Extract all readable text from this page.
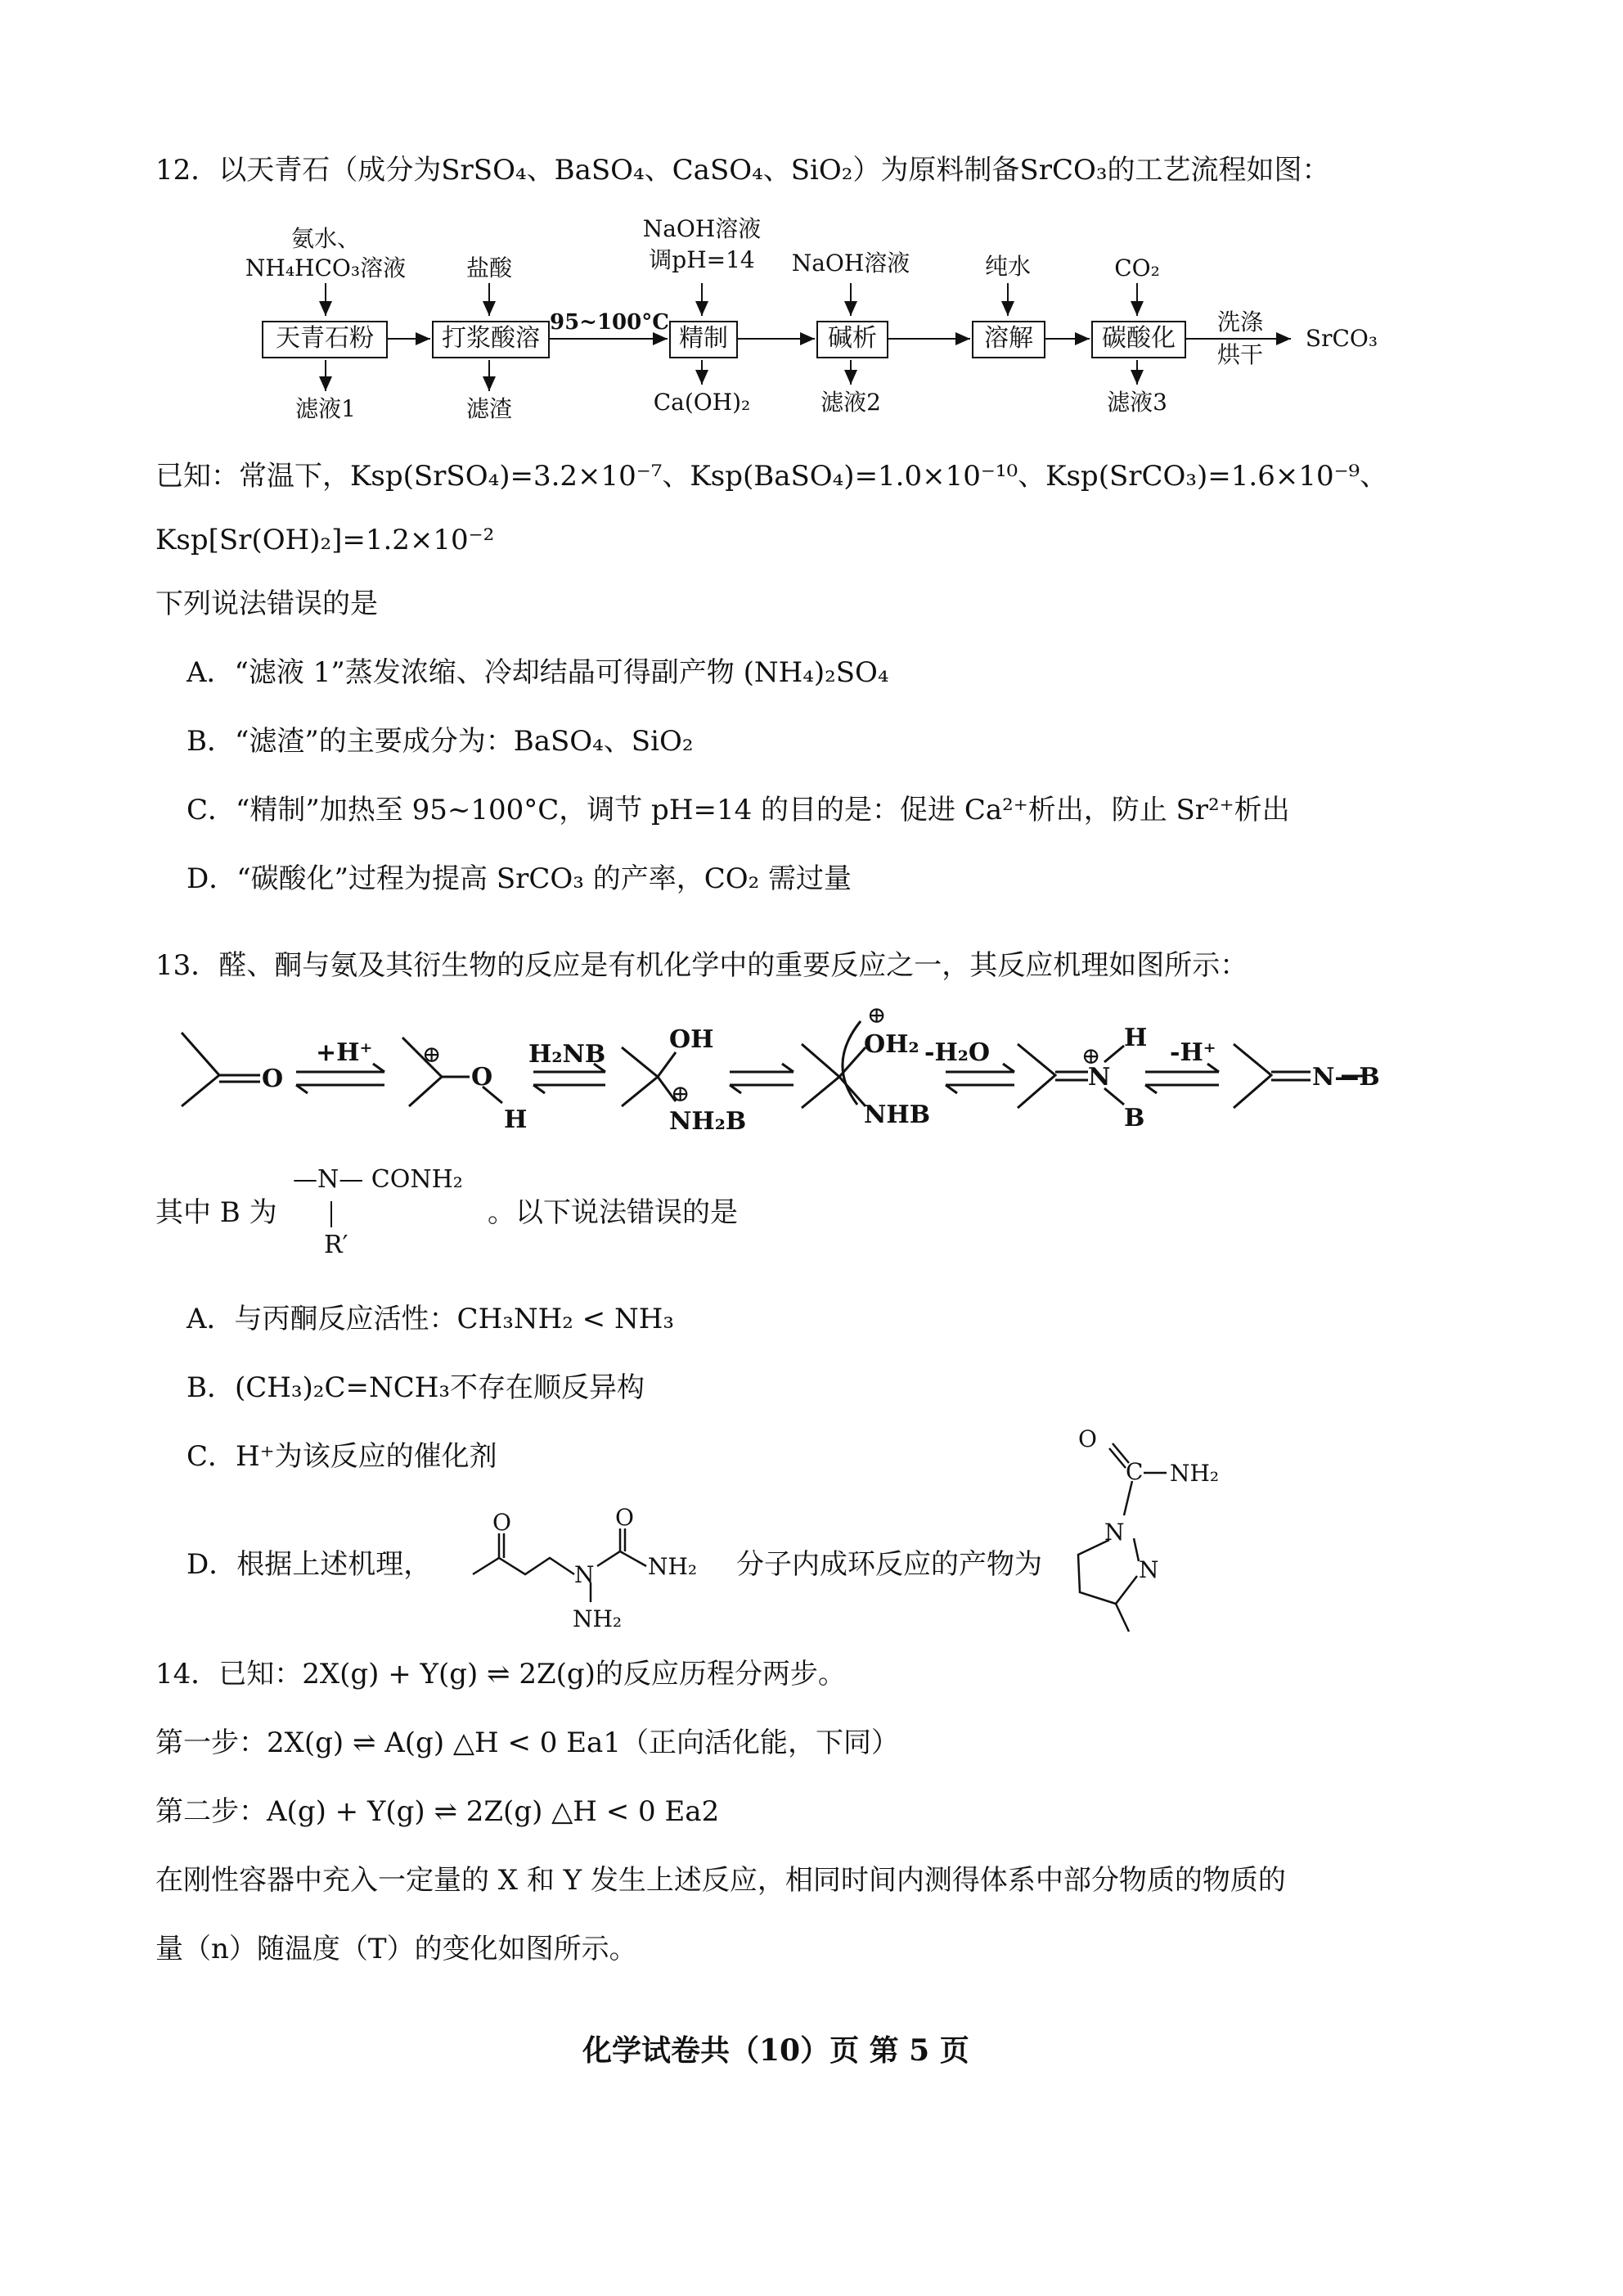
12．以天青石（成分为SrSO₄、BaSO₄、CaSO₄、SiO₂）为原料制备SrCO₃的工艺流程如图：
氨水、
NH₄HCO₃溶液	盐酸
NaOH溶液
调pH=14	NaOH溶液	纯水	CO₂
天青石粉	打浆酸溶	精制	碱析	溶解	碳酸化
95~100°C	洗涤
烘干
SrCO₃
滤液1	滤渣	Ca(OH)₂	滤液2	滤液3
已知：常温下，Ksp(SrSO₄)=3.2×10⁻⁷、Ksp(BaSO₄)=1.0×10⁻¹⁰、Ksp(SrCO₃)=1.6×10⁻⁹、
Ksp[Sr(OH)₂]=1.2×10⁻²
下列说法错误的是
A．“滤液 1”蒸发浓缩、冷却结晶可得副产物 (NH₄)₂SO₄
B．“滤渣”的主要成分为：BaSO₄、SiO₂
C．“精制”加热至 95~100°C，调节 pH=14 的目的是：促进 Ca²⁺析出，防止 Sr²⁺析出
D．“碳酸化”过程为提高 SrCO₃ 的产率，CO₂ 需过量
13．醛、酮与氨及其衍生物的反应是有机化学中的重要反应之一，其反应机理如图所示：
O
+H⁺ ⊕
O
H
H₂NB
OH
⊕
NH₂B
⊕
OH₂ -H₂O
NHB
⊕
N
H
B
-H⁺
N—B
其中 B 为
—N— CONH₂
R′
。以下说法错误的是
A．与丙酮反应活性：CH₃NH₂ < NH₃
B．(CH₃)₂C=NCH₃不存在顺反异构
C．H⁺为该反应的催化剂
D．根据上述机理，	分子内成环反应的产物为
O	O
N NH₂
NH₂
O
C NH₂
N
N
14．已知：2X(g) + Y(g) ⇌ 2Z(g)的反应历程分两步。
第一步：2X(g) ⇌ A(g) △H < 0 Ea1（正向活化能，下同）
第二步：A(g) + Y(g) ⇌ 2Z(g) △H < 0 Ea2
在刚性容器中充入一定量的 X 和 Y 发生上述反应，相同时间内测得体系中部分物质的物质的
量（n）随温度（T）的变化如图所示。
化学试卷共（10）页 第 5 页
